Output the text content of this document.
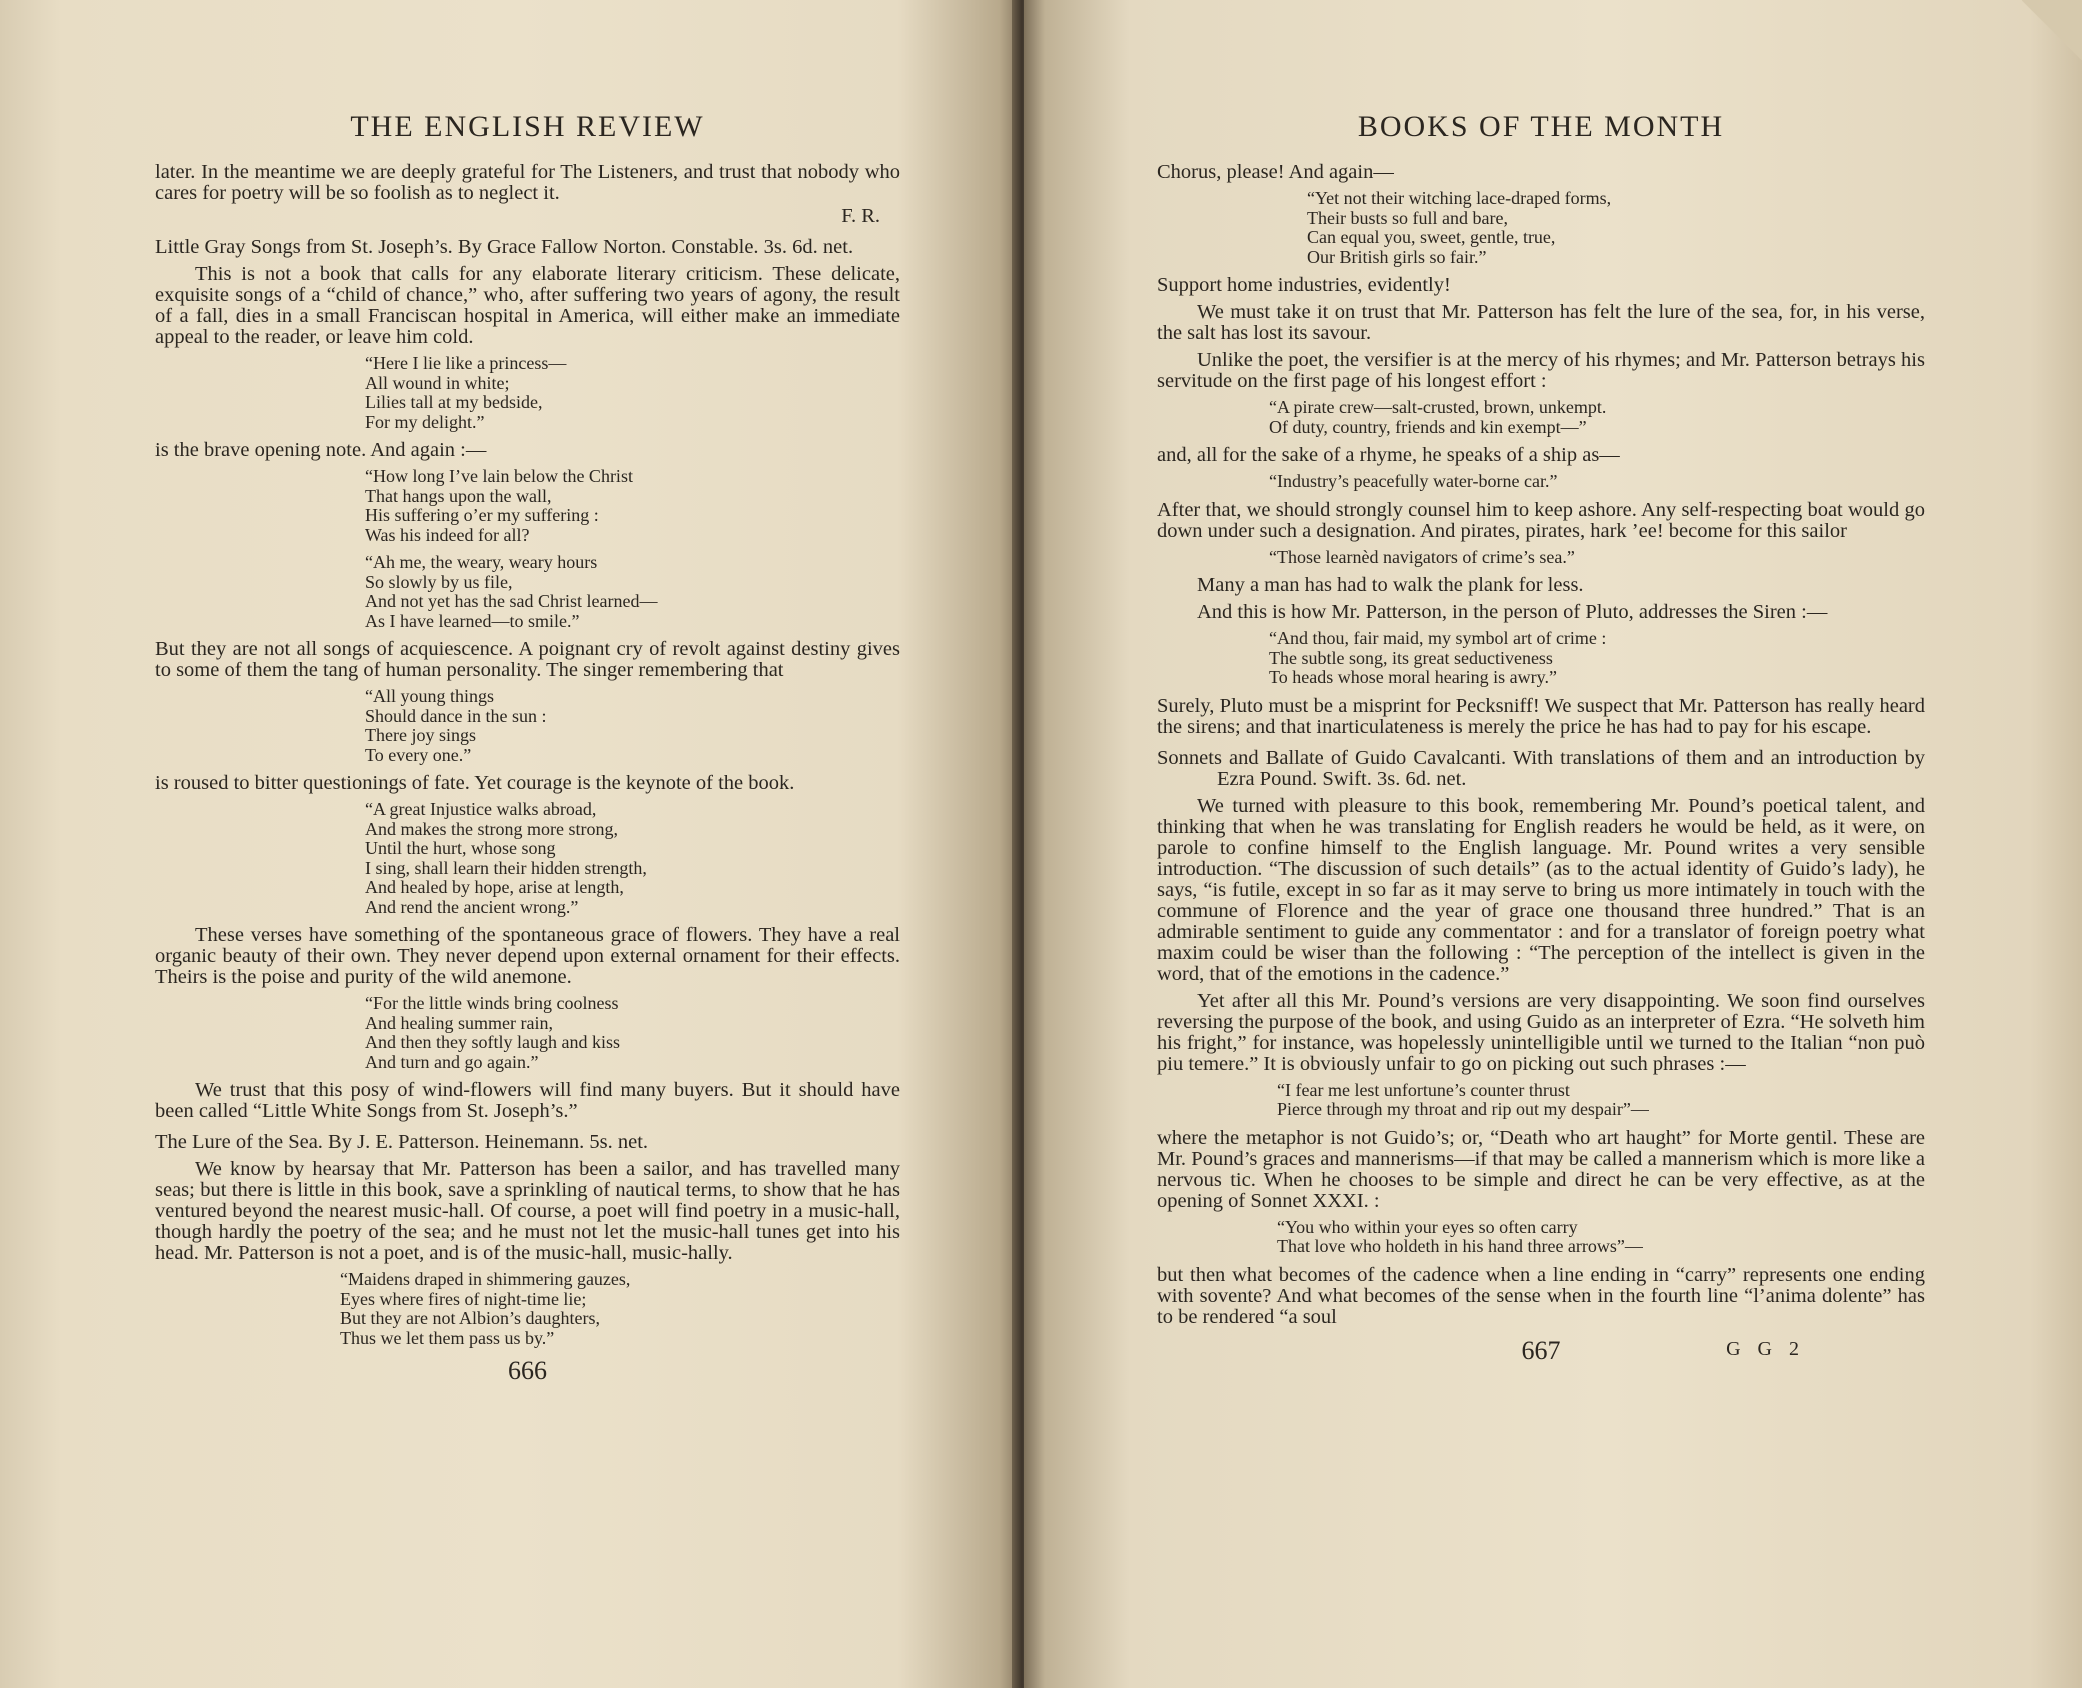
THE ENGLISH REVIEW

later. In the meantime we are deeply grateful for The Listeners, and trust that nobody who cares for poetry will be so foolish as to neglect it.

F. R.

Little Gray Songs from St. Joseph’s. By Grace Fallow Norton. Constable. 3s. 6d. net.

This is not a book that calls for any elaborate literary criticism. These delicate, exquisite songs of a “child of chance,” who, after suffering two years of agony, the result of a fall, dies in a small Franciscan hospital in America, will either make an immediate appeal to the reader, or leave him cold.

“Here I lie like a princess—
All wound in white;
Lilies tall at my bedside,
For my delight.”

is the brave opening note. And again :—

“How long I’ve lain below the Christ
That hangs upon the wall,
His suffering o’er my suffering :
Was his indeed for all?
“Ah me, the weary, weary hours
So slowly by us file,
And not yet has the sad Christ learned—
As I have learned—to smile.”

But they are not all songs of acquiescence. A poignant cry of revolt against destiny gives to some of them the tang of human personality. The singer remembering that

“All young things
Should dance in the sun :
There joy sings
To every one.”

is roused to bitter questionings of fate. Yet courage is the keynote of the book.

“A great Injustice walks abroad,
And makes the strong more strong,
Until the hurt, whose song
I sing, shall learn their hidden strength,
And healed by hope, arise at length,
And rend the ancient wrong.”

These verses have something of the spontaneous grace of flowers. They have a real organic beauty of their own. They never depend upon external ornament for their effects. Theirs is the poise and purity of the wild anemone.

“For the little winds bring coolness
And healing summer rain,
And then they softly laugh and kiss
And turn and go again.”

We trust that this posy of wind-flowers will find many buyers. But it should have been called “Little White Songs from St. Joseph’s.”

The Lure of the Sea. By J. E. Patterson. Heinemann. 5s. net.

We know by hearsay that Mr. Patterson has been a sailor, and has travelled many seas; but there is little in this book, save a sprinkling of nautical terms, to show that he has ventured beyond the nearest music-hall. Of course, a poet will find poetry in a music-hall, though hardly the poetry of the sea; and he must not let the music-hall tunes get into his head. Mr. Patterson is not a poet, and is of the music-hall, music-hally.

“Maidens draped in shimmering gauzes,
Eyes where fires of night-time lie;
But they are not Albion’s daughters,
Thus we let them pass us by.”
666
BOOKS OF THE MONTH

Chorus, please! And again—

“Yet not their witching lace-draped forms,
Their busts so full and bare,
Can equal you, sweet, gentle, true,
Our British girls so fair.”

Support home industries, evidently!

We must take it on trust that Mr. Patterson has felt the lure of the sea, for, in his verse, the salt has lost its savour.

Unlike the poet, the versifier is at the mercy of his rhymes; and Mr. Patterson betrays his servitude on the first page of his longest effort :

“A pirate crew—salt-crusted, brown, unkempt.
Of duty, country, friends and kin exempt—”

and, all for the sake of a rhyme, he speaks of a ship as—

“Industry’s peacefully water-borne car.”

After that, we should strongly counsel him to keep ashore. Any self-respecting boat would go down under such a designation. And pirates, pirates, hark ’ee! become for this sailor

“Those learnèd navigators of crime’s sea.”

Many a man has had to walk the plank for less.

And this is how Mr. Patterson, in the person of Pluto, addresses the Siren :—

“And thou, fair maid, my symbol art of crime :
The subtle song, its great seductiveness
To heads whose moral hearing is awry.”

Surely, Pluto must be a misprint for Pecksniff! We suspect that Mr. Patterson has really heard the sirens; and that inarticulateness is merely the price he has had to pay for his escape.

Sonnets and Ballate of Guido Cavalcanti. With translations of them and an introduction by Ezra Pound. Swift. 3s. 6d. net.

We turned with pleasure to this book, remembering Mr. Pound’s poetical talent, and thinking that when he was translating for English readers he would be held, as it were, on parole to confine himself to the English language. Mr. Pound writes a very sensible introduction. “The discussion of such details” (as to the actual identity of Guido’s lady), he says, “is futile, except in so far as it may serve to bring us more intimately in touch with the commune of Florence and the year of grace one thousand three hundred.” That is an admirable sentiment to guide any commentator : and for a translator of foreign poetry what maxim could be wiser than the following : “The perception of the intellect is given in the word, that of the emotions in the cadence.”

Yet after all this Mr. Pound’s versions are very disappointing. We soon find ourselves reversing the purpose of the book, and using Guido as an interpreter of Ezra. “He solveth him his fright,” for instance, was hopelessly unintelligible until we turned to the Italian “non può piu temere.” It is obviously unfair to go on picking out such phrases :—

“I fear me lest unfortune’s counter thrust
Pierce through my throat and rip out my despair”—

where the metaphor is not Guido’s; or, “Death who art haught” for Morte gentil. These are Mr. Pound’s graces and mannerisms—if that may be called a mannerism which is more like a nervous tic. When he chooses to be simple and direct he can be very effective, as at the opening of Sonnet XXXI. :

“You who within your eyes so often carry
That love who holdeth in his hand three arrows”—

but then what becomes of the cadence when a line ending in “carry” represents one ending with sovente? And what becomes of the sense when in the fourth line “l’anima dolente” has to be rendered “a soul

667	G G 2
